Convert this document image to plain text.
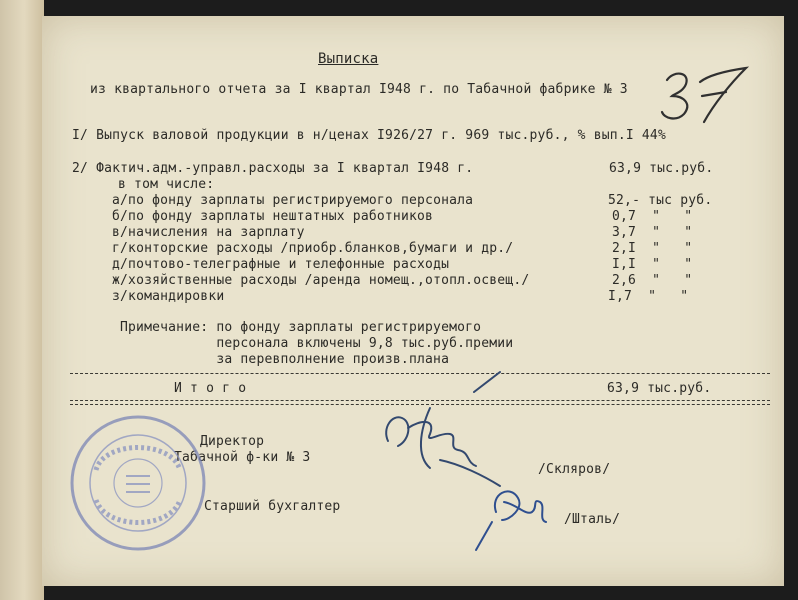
Выписка
из квартального отчета за I квартал I948 г. по Табачной фабрике № 3
I/ Выпуск валовой продукции в н/ценах I926/27 г. 969 тыс.руб., % вып.I 44%
2/ Фактич.адм.-управл.расходы за I квартал I948 г.	63,9 тыс.руб.
в том числе:
а/по фонду зарплаты регистрируемого персонала	52,- тыс руб.
б/по фонду зарплаты нештатных работников	0,7  "   "
в/начисления на зарплату	3,7  "   "
г/конторские расходы /приобр.бланков,бумаги и др./	2,I  "   "
д/почтово-телеграфные и телефонные расходы	I,I  "   "
ж/хозяйственные расходы /аренда номещ.,отопл.освещ./	2,6  "   "
з/командировки	I,7  "   "
Примечание: по фонду зарплаты регистрируемого
персонала включены 9,8 тыс.руб.премии
за перевполнение произв.плана
И т о г о	63,9 тыс.руб.
Директор
Табачной ф-ки № 3
/Склярoв/
Старший бухгалтер
/Шталь/
